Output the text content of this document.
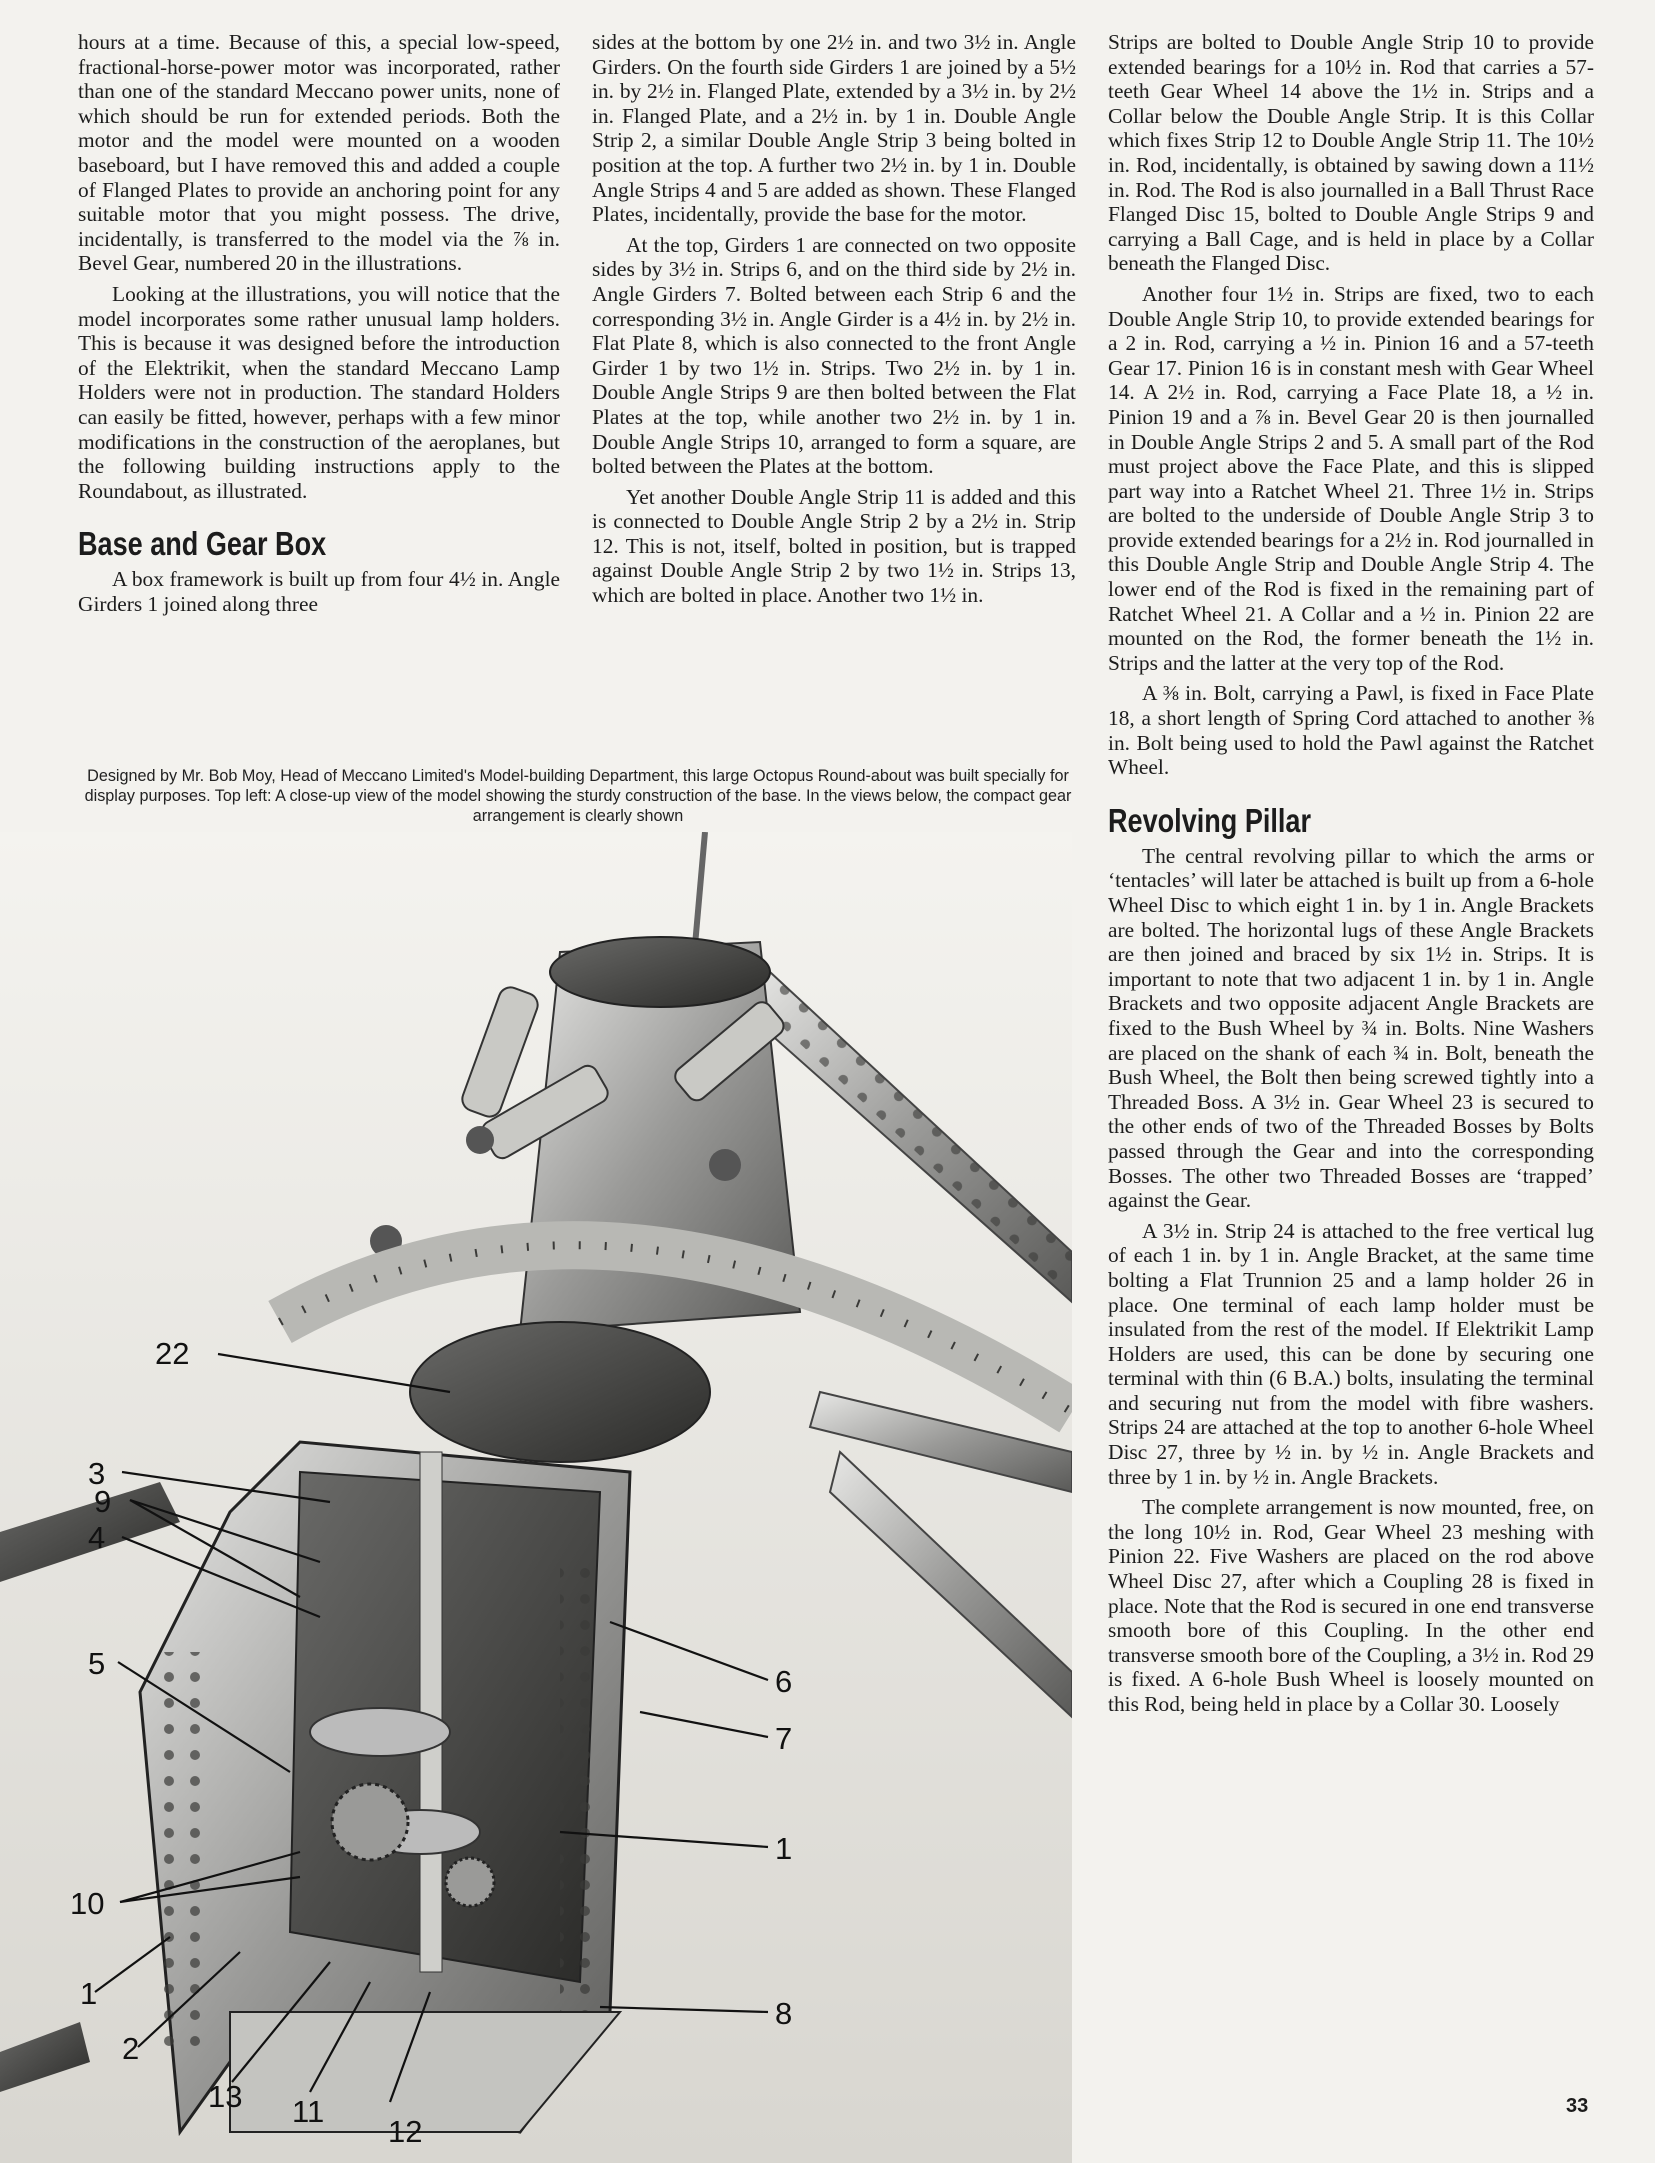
hours at a time. Because of this, a special low-speed, fractional-horse-power motor was incorporated, rather than one of the standard Meccano power units, none of which should be run for extended periods. Both the motor and the model were mounted on a wooden baseboard, but I have removed this and added a couple of Flanged Plates to provide an anchoring point for any suitable motor that you might possess. The drive, incidentally, is transferred to the model via the ⅞ in. Bevel Gear, numbered 20 in the illustrations.

Looking at the illustrations, you will notice that the model incorporates some rather unusual lamp holders. This is because it was designed before the introduction of the Elektrikit, when the standard Meccano Lamp Holders were not in production. The standard Holders can easily be fitted, however, perhaps with a few minor modifications in the construction of the aeroplanes, but the following building instructions apply to the Roundabout, as illustrated.

Base and Gear Box

A box framework is built up from four 4½ in. Angle Girders 1 joined along three

sides at the bottom by one 2½ in. and two 3½ in. Angle Girders. On the fourth side Girders 1 are joined by a 5½ in. by 2½ in. Flanged Plate, extended by a 3½ in. by 2½ in. Flanged Plate, and a 2½ in. by 1 in. Double Angle Strip 2, a similar Double Angle Strip 3 being bolted in position at the top. A further two 2½ in. by 1 in. Double Angle Strips 4 and 5 are added as shown. These Flanged Plates, incidentally, provide the base for the motor.

At the top, Girders 1 are connected on two opposite sides by 3½ in. Strips 6, and on the third side by 2½ in. Angle Girders 7. Bolted between each Strip 6 and the corresponding 3½ in. Angle Girder is a 4½ in. by 2½ in. Flat Plate 8, which is also connected to the front Angle Girder 1 by two 1½ in. Strips. Two 2½ in. by 1 in. Double Angle Strips 9 are then bolted between the Flat Plates at the top, while another two 2½ in. by 1 in. Double Angle Strips 10, arranged to form a square, are bolted between the Plates at the bottom.

Yet another Double Angle Strip 11 is added and this is connected to Double Angle Strip 2 by a 2½ in. Strip 12. This is not, itself, bolted in position, but is trapped against Double Angle Strip 2 by two 1½ in. Strips 13, which are bolted in place. Another two 1½ in.

Strips are bolted to Double Angle Strip 10 to provide extended bearings for a 10½ in. Rod that carries a 57-teeth Gear Wheel 14 above the 1½ in. Strips and a Collar below the Double Angle Strip. It is this Collar which fixes Strip 12 to Double Angle Strip 11. The 10½ in. Rod, incidentally, is obtained by sawing down a 11½ in. Rod. The Rod is also journalled in a Ball Thrust Race Flanged Disc 15, bolted to Double Angle Strips 9 and carrying a Ball Cage, and is held in place by a Collar beneath the Flanged Disc.

Another four 1½ in. Strips are fixed, two to each Double Angle Strip 10, to provide extended bearings for a 2 in. Rod, carrying a ½ in. Pinion 16 and a 57-teeth Gear 17. Pinion 16 is in constant mesh with Gear Wheel 14. A 2½ in. Rod, carrying a Face Plate 18, a ½ in. Pinion 19 and a ⅞ in. Bevel Gear 20 is then journalled in Double Angle Strips 2 and 5. A small part of the Rod must project above the Face Plate, and this is slipped part way into a Ratchet Wheel 21. Three 1½ in. Strips are bolted to the underside of Double Angle Strip 3 to provide extended bearings for a 2½ in. Rod journalled in this Double Angle Strip and Double Angle Strip 4. The lower end of the Rod is fixed in the remaining part of Ratchet Wheel 21. A Collar and a ½ in. Pinion 22 are mounted on the Rod, the former beneath the 1½ in. Strips and the latter at the very top of the Rod.

A ⅜ in. Bolt, carrying a Pawl, is fixed in Face Plate 18, a short length of Spring Cord attached to another ⅜ in. Bolt being used to hold the Pawl against the Ratchet Wheel.

Revolving Pillar

The central revolving pillar to which the arms or ‘tentacles’ will later be attached is built up from a 6-hole Wheel Disc to which eight 1 in. by 1 in. Angle Brackets are bolted. The horizontal lugs of these Angle Brackets are then joined and braced by six 1½ in. Strips. It is important to note that two adjacent 1 in. by 1 in. Angle Brackets and two opposite adjacent Angle Brackets are fixed to the Bush Wheel by ¾ in. Bolts. Nine Washers are placed on the shank of each ¾ in. Bolt, beneath the Bush Wheel, the Bolt then being screwed tightly into a Threaded Boss. A 3½ in. Gear Wheel 23 is secured to the other ends of two of the Threaded Bosses by Bolts passed through the Gear and into the corresponding Bosses. The other two Threaded Bosses are ‘trapped’ against the Gear.

A 3½ in. Strip 24 is attached to the free vertical lug of each 1 in. by 1 in. Angle Bracket, at the same time bolting a Flat Trunnion 25 and a lamp holder 26 in place. One terminal of each lamp holder must be insulated from the rest of the model. If Elektrikit Lamp Holders are used, this can be done by securing one terminal with thin (6 B.A.) bolts, insulating the terminal and securing nut from the model with fibre washers. Strips 24 are attached at the top to another 6-hole Wheel Disc 27, three by ½ in. by ½ in. Angle Brackets and three by 1 in. by ½ in. Angle Brackets.

The complete arrangement is now mounted, free, on the long 10½ in. Rod, Gear Wheel 23 meshing with Pinion 22. Five Washers are placed on the rod above Wheel Disc 27, after which a Coupling 28 is fixed in place. Note that the Rod is secured in one end transverse smooth bore of this Coupling. In the other end transverse smooth bore of the Coupling, a 3½ in. Rod 29 is fixed. A 6-hole Bush Wheel is loosely mounted on this Rod, being held in place by a Collar 30. Loosely

Designed by Mr. Bob Moy, Head of Meccano Limited's Model-building Department, this large Octopus Round-about was built specially for display purposes. Top left: A close-up view of the model showing the sturdy construction of the base. In the views below, the compact gear arrangement is clearly shown
22
3
9
4
5
6
7
1
10
1
2
8
13 11
12
33
